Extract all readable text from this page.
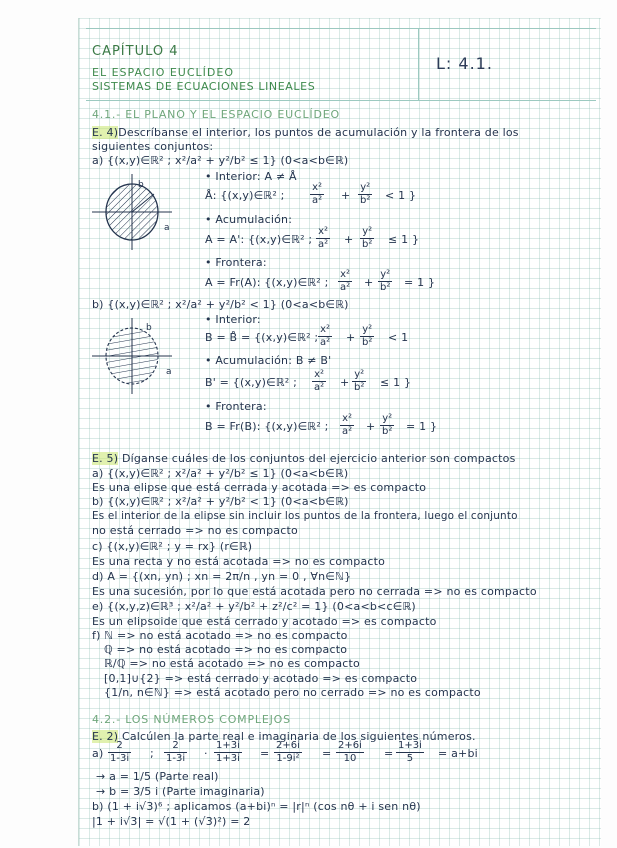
CAPÍTULO 4
EL ESPACIO EUCLÍDEO
SISTEMAS DE ECUACIONES LINEALES
L: 4.1.
4.1.- EL PLANO Y EL ESPACIO EUCLÍDEO
E. 4)Descríbanse el interior, los puntos de acumulación y la frontera de los
siguientes conjuntos:
a) {(x,y)∈ℝ² ; x²/a² + y²/b² ≤ 1} (0<a<b∈ℝ)
b
a
• Interior: A ≠ Å
Å: {(x,y)∈ℝ² ;	$\frac{\text{x²}}{\text{a²}} + \frac{\text{y²}}{\text{b²}} < 1$ }
• Acumulación:
A = A': {(x,y)∈ℝ² ; $\frac{\text{x²}}{\text{a²}} + \frac{\text{y²}}{\text{b²}} \le 1$ }
• Frontera:
A = Fr(A): {(x,y)∈ℝ² ; $\frac{\text{x²}}{\text{a²}} + \frac{\text{y²}}{\text{b²}} = 1$ }
b) {(x,y)∈ℝ² ; x²/a² + y²/b² < 1} (0<a<b∈ℝ)
b
a
• Interior:
B = B̊ = {(x,y)∈ℝ² ; $\frac{\text{x²}}{\text{a²}} + \frac{\text{y²}}{\text{b²}} < 1$
• Acumulación: B ≠ B'
B' = {(x,y)∈ℝ² ; $\frac{\text{x²}}{\text{a²}} + \frac{\text{y²}}{\text{b²}} \le 1$ }
• Frontera:
B = Fr(B): {(x,y)∈ℝ² ; $\frac{\text{x²}}{\text{a²}} + \frac{\text{y²}}{\text{b²}} = 1$ }
E. 5) Díganse cuáles de los conjuntos del ejercicio anterior son compactos
a) {(x,y)∈ℝ² ; x²/a² + y²/b² ≤ 1} (0<a<b∈ℝ)
Es una elipse que está cerrada y acotada => es compacto
b) {(x,y)∈ℝ² ; x²/a² + y²/b² < 1} (0<a<b∈ℝ)
Es el interior de la elipse sin incluir los puntos de la frontera, luego el conjunto
no está cerrado => no es compacto
c) {(x,y)∈ℝ² ; y = rx} (r∈ℝ)
Es una recta y no está acotada => no es compacto
d) A = {(xn, yn) ; xn = 2π/n , yn = 0 , ∀n∈ℕ}
Es una sucesión, por lo que está acotada pero no cerrada => no es compacto
e) {(x,y,z)∈ℝ³ ; x²/a² + y²/b² + z²/c² = 1} (0<a<b<c∈ℝ)
Es un elipsoide que está cerrado y acotado => es compacto
f) ℕ => no está acotado => no es compacto
ℚ => no está acotado => no es compacto
ℝ/ℚ => no está acotado => no es compacto
[0,1]∪{2} => está cerrado y acotado => es compacto
{1/n, n∈ℕ} => está acotado pero no cerrado => no es compacto
4.2.- LOS NÚMEROS COMPLEJOS
E. 2) Calcúlen la parte real e imaginaria de los siguientes números.
$a) \frac{2}{1-3i}$ ; $\frac{2}{1-3i} \cdot \frac{1+3i}{1+3i} = \frac{2+6i}{\text{1-9i²}} = \frac{2+6i}{10} = \frac{1+3i}{5} = a+bi$
→ a = 1/5 (Parte real)
→ b = 3/5 i (Parte imaginaria)
b) (1 + i√3)⁶ ; aplicamos (a+bi)ⁿ = |r|ⁿ (cos nθ + i sen nθ)
|1 + i√3| = √(1 + (√3)²) = 2
